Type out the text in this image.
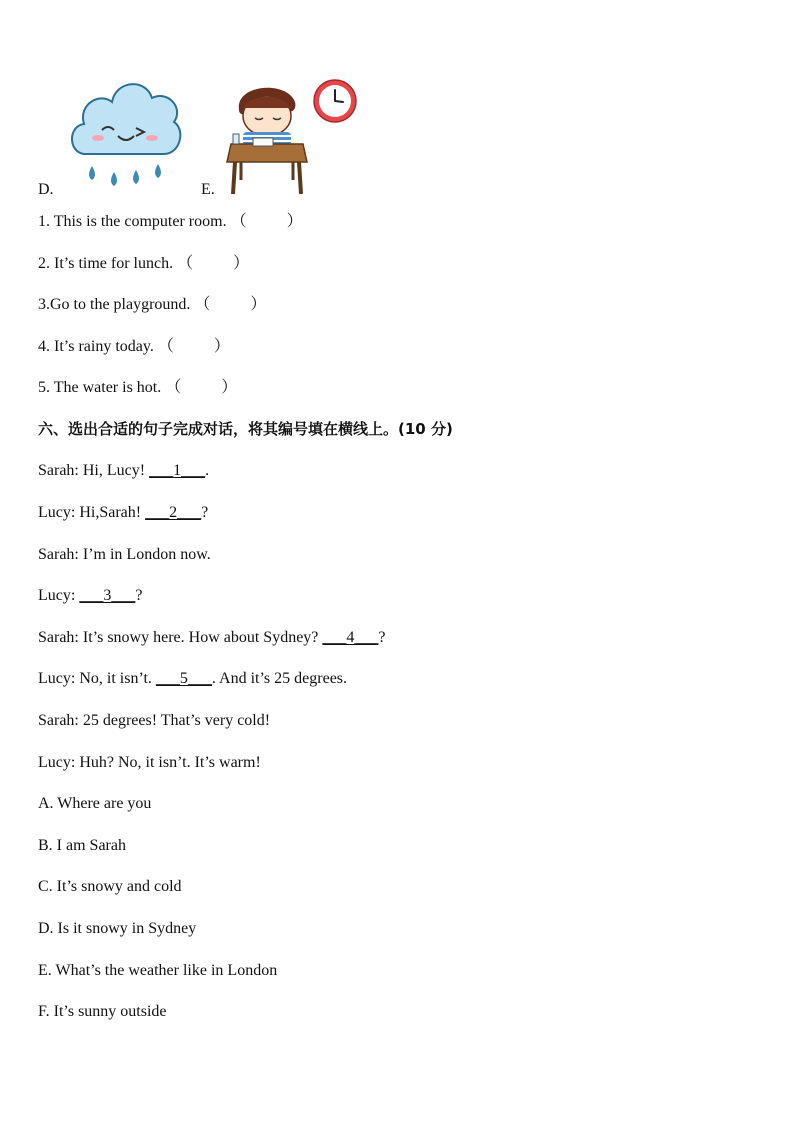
D.	E.
1. This is the computer room. （          ）
2. It’s time for lunch. （          ）
3.Go to the playground. （          ）
4. It’s rainy today. （          ）
5. The water is hot. （          ）
六、选出合适的句子完成对话，将其编号填在横线上。(10 分)
Sarah: Hi, Lucy! ___1___.
Lucy: Hi,Sarah! ___2___?
Sarah: I’m in London now.
Lucy: ___3___?
Sarah: It’s snowy here. How about Sydney? ___4___?
Lucy: No, it isn’t. ___5___. And it’s 25 degrees.
Sarah: 25 degrees! That’s very cold!
Lucy: Huh? No, it isn’t. It’s warm!
A. Where are you
B. I am Sarah
C. It’s snowy and cold
D. Is it snowy in Sydney
E. What’s the weather like in London
F. It’s sunny outside
